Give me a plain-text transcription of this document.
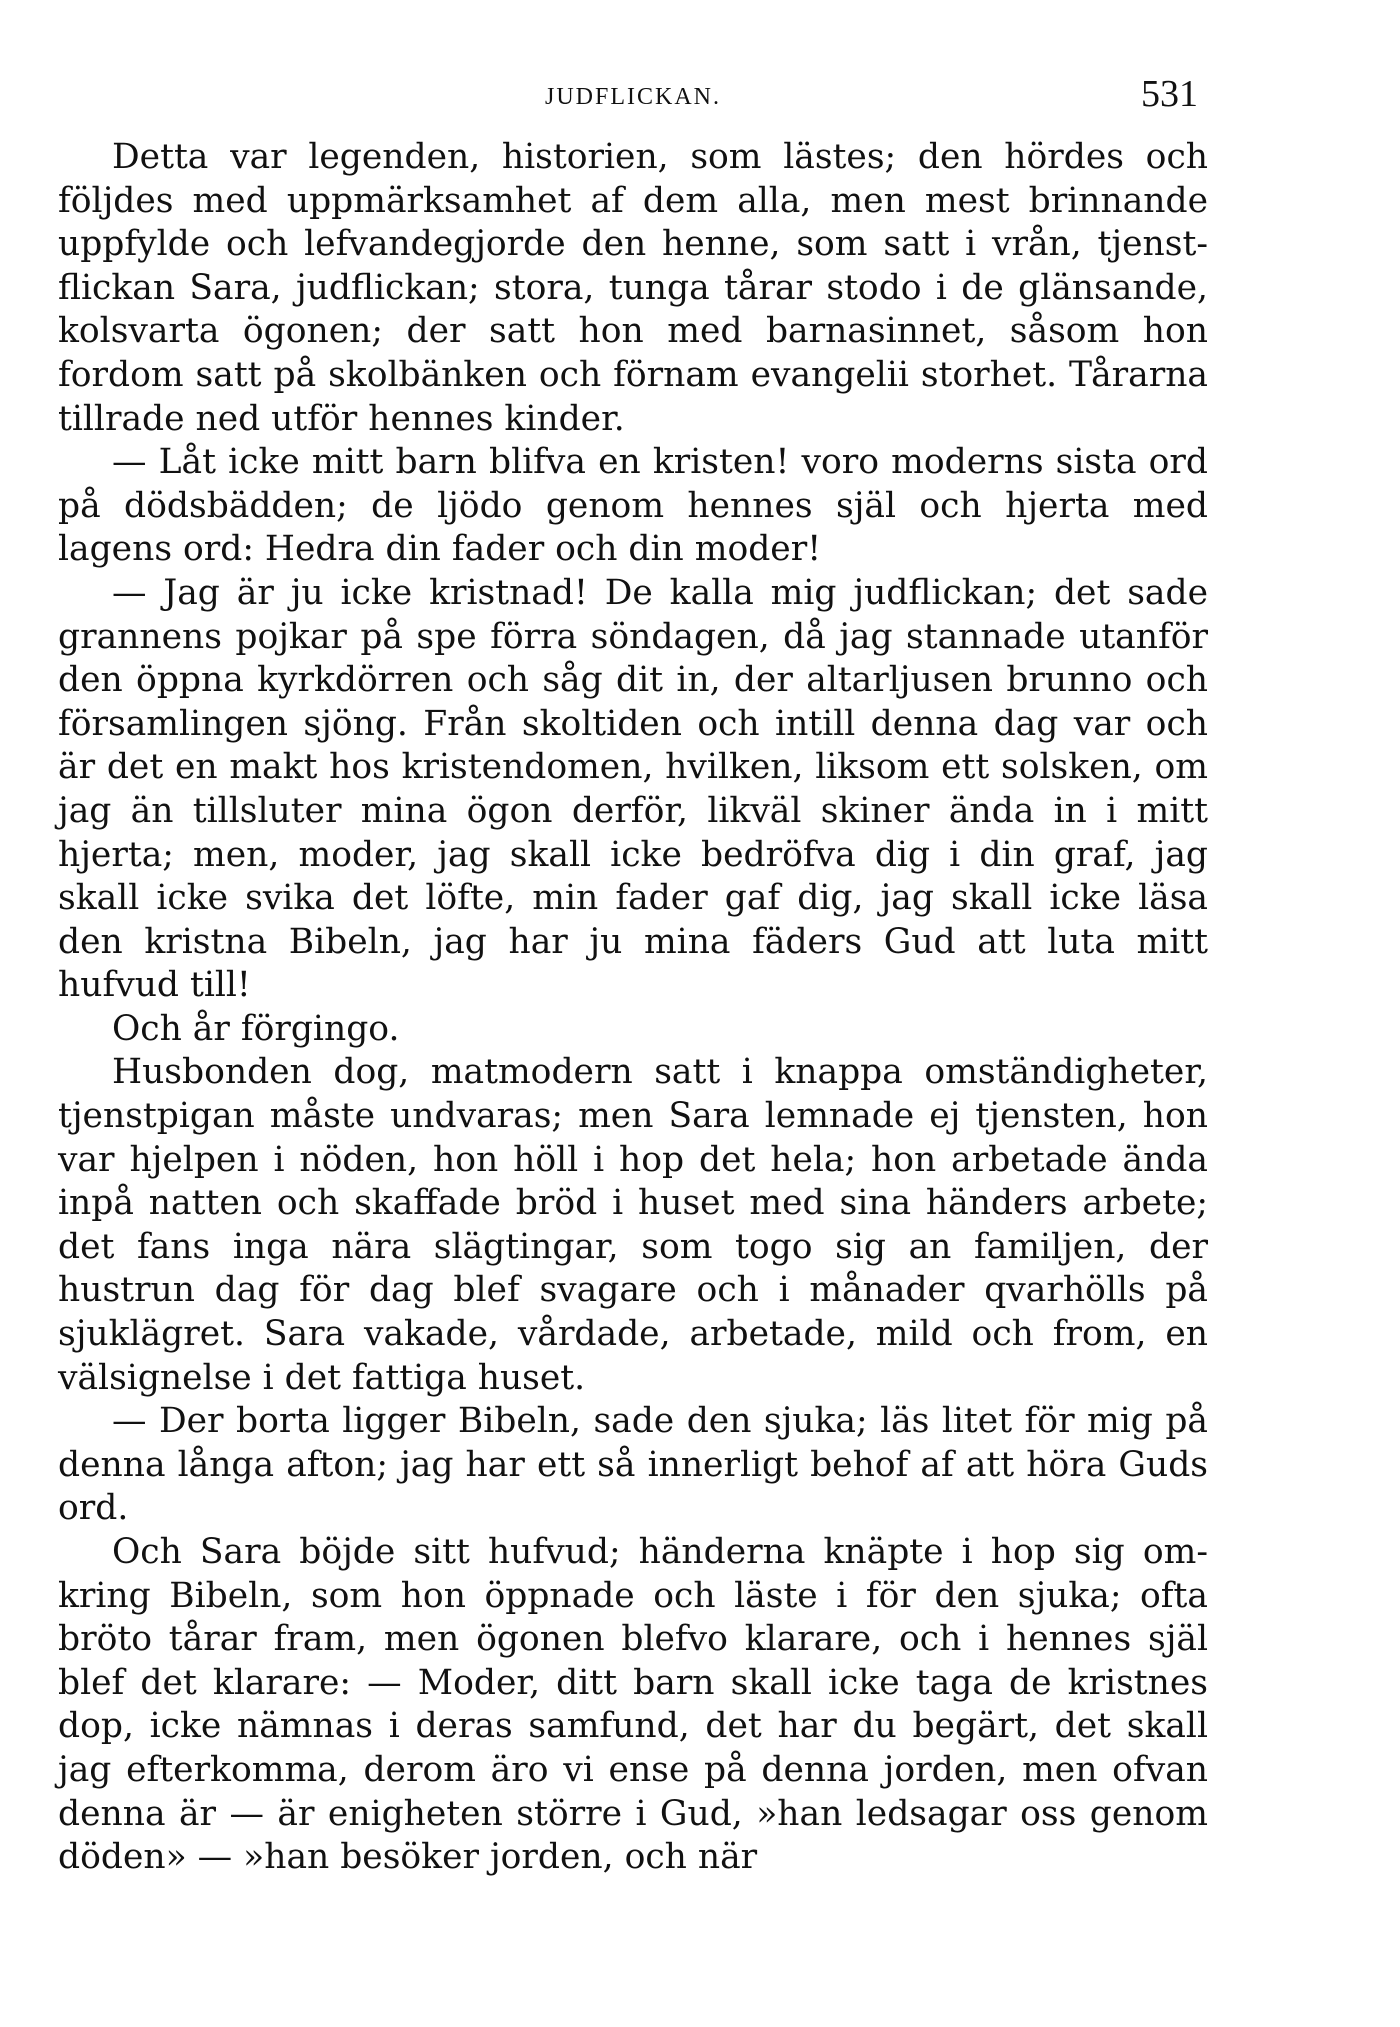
JUDFLICKAN.	531

Detta var legenden, historien, som lästes; den hördes och följdes med uppmärksamhet af dem alla, men mest brinnande uppfylde och lefvandegjorde den henne, som satt i vrån, tjenstflickan Sara, judflickan; stora, tunga tårar stodo i de glänsande, kolsvarta ögonen; der satt hon med barnasinnet, såsom hon fordom satt på skolbänken och förnam evangelii storhet. Tårarna tillrade ned utför hennes kinder.

— Låt icke mitt barn blifva en kristen! voro moderns sista ord på dödsbädden; de ljödo genom hennes själ och hjerta med lagens ord: Hedra din fader och din moder!

— Jag är ju icke kristnad! De kalla mig judflickan; det sade grannens pojkar på spe förra söndagen, då jag stannade utanför den öppna kyrkdörren och såg dit in, der altarljusen brunno och församlingen sjöng. Från skoltiden och intill denna dag var och är det en makt hos kristendomen, hvilken, liksom ett solsken, om jag än tillsluter mina ögon derför, likväl skiner ända in i mitt hjerta; men, moder, jag skall icke bedröfva dig i din graf, jag skall icke svika det löfte, min fader gaf dig, jag skall icke läsa den kristna Bibeln, jag har ju mina fäders Gud att luta mitt hufvud till!

Och år förgingo.

Husbonden dog, matmodern satt i knappa omständigheter, tjenstpigan måste undvaras; men Sara lemnade ej tjensten, hon var hjelpen i nöden, hon höll i hop det hela; hon arbetade ända inpå natten och skaffade bröd i huset med sina händers arbete; det fans inga nära slägtingar, som togo sig an familjen, der hustrun dag för dag blef svagare och i månader qvarhölls på sjuklägret. Sara vakade, vårdade, arbetade, mild och from, en välsignelse i det fattiga huset.

— Der borta ligger Bibeln, sade den sjuka; läs litet för mig på denna långa afton; jag har ett så innerligt behof af att höra Guds ord.

Och Sara böjde sitt hufvud; händerna knäpte i hop sig omkring Bibeln, som hon öppnade och läste i för den sjuka; ofta bröto tårar fram, men ögonen blefvo klarare, och i hennes själ blef det klarare: — Moder, ditt barn skall icke taga de kristnes dop, icke nämnas i deras samfund, det har du begärt, det skall jag efterkomma, derom äro vi ense på denna jorden, men ofvan denna är — är enigheten större i Gud, »han ledsagar oss genom döden» — »han besöker jorden, och när
